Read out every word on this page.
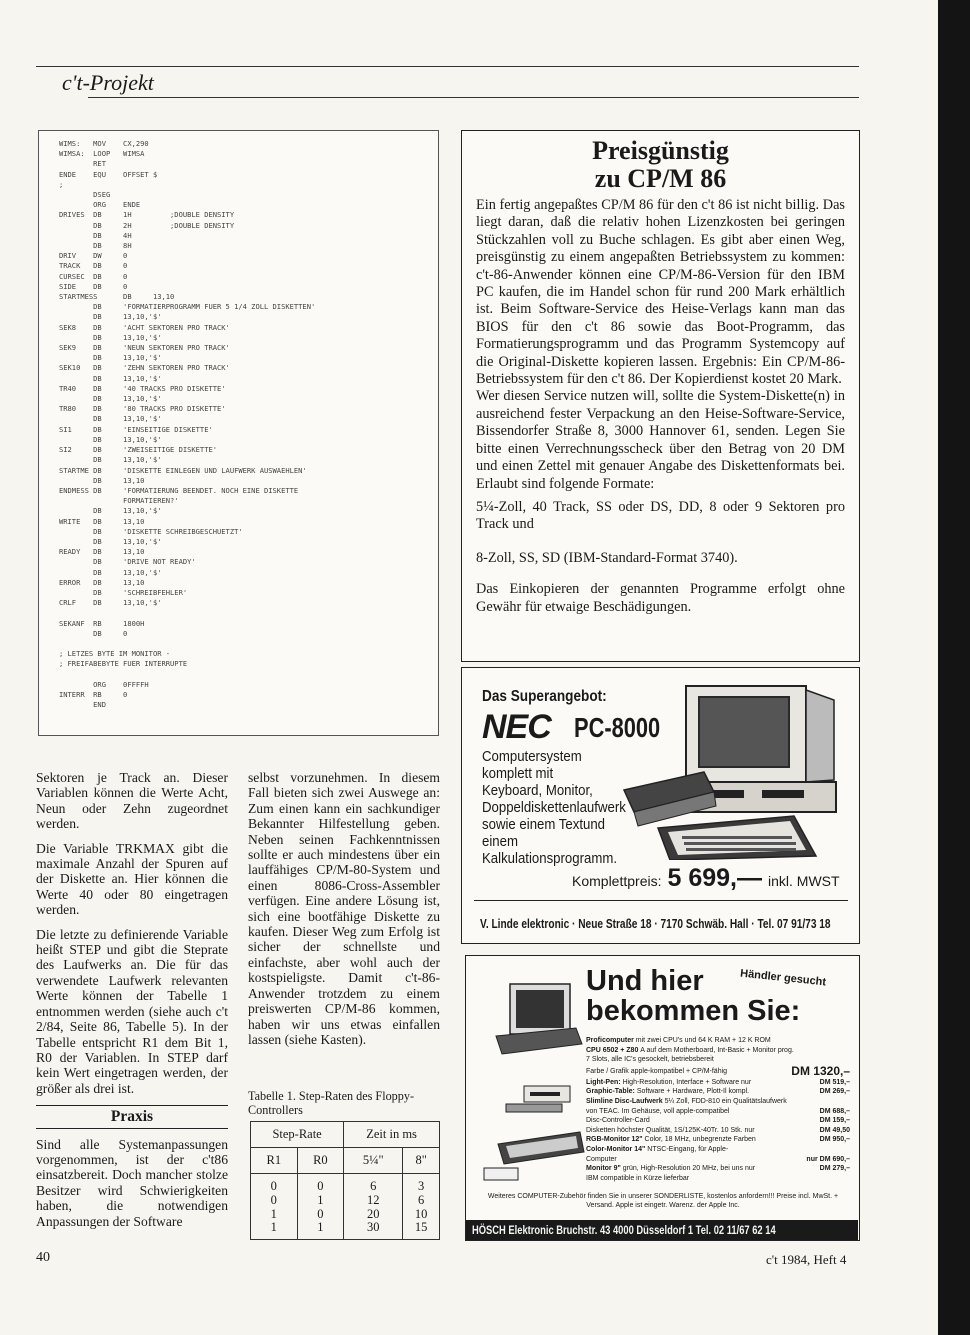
c't-Projekt
WIMS:   MOV    CX,290
WIMSA:  LOOP   WIMSA
RET
ENDE    EQU    OFFSET $
;
DSEG
ORG    ENDE
DRIVES  DB     1H         ;DOUBLE DENSITY
DB     2H         ;DOUBLE DENSITY
DB     4H
DB     8H
DRIV    DW     0
TRACK   DB     0
CURSEC  DB     0
SIDE    DB     0
STARTMESS      DB     13,10
DB     'FORMATIERPROGRAMM FUER 5 1/4 ZOLL DISKETTEN'
DB     13,10,'$'
SEK8    DB     'ACHT SEKTOREN PRO TRACK'
DB     13,10,'$'
SEK9    DB     'NEUN SEKTOREN PRO TRACK'
DB     13,10,'$'
SEK10   DB     'ZEHN SEKTOREN PRO TRACK'
DB     13,10,'$'
TR40    DB     '40 TRACKS PRO DISKETTE'
DB     13,10,'$'
TR80    DB     '80 TRACKS PRO DISKETTE'
DB     13,10,'$'
SI1     DB     'EINSEITIGE DISKETTE'
DB     13,10,'$'
SI2     DB     'ZWEISEITIGE DISKETTE'
DB     13,10,'$'
STARTME DB     'DISKETTE EINLEGEN UND LAUFWERK AUSWAEHLEN'
DB     13,10
ENDMESS DB     'FORMATIERUNG BEENDET. NOCH EINE DISKETTE
FORMATIEREN?'
DB     13,10,'$'
WRITE   DB     13,10
DB     'DISKETTE SCHREIBGESCHUETZT'
DB     13,10,'$'
READY   DB     13,10
DB     'DRIVE NOT READY'
DB     13,10,'$'
ERROR   DB     13,10
DB     'SCHREIBFEHLER'
CRLF    DB     13,10,'$'

SEKANF  RB     1800H
DB     0

; LETZES BYTE IM MONITOR -
; FREIFABEBYTE FUER INTERRUPTE

ORG    0FFFFH
INTERR  RB     0
END
Preisgünstig
zu CP/M 86

Ein fertig angepaßtes CP/M 86 für den c't 86 ist nicht billig. Das liegt daran, daß die relativ hohen Lizenzkosten bei geringen Stückzahlen voll zu Buche schlagen. Es gibt aber einen Weg, preisgünstig zu einem angepaßten Betriebssystem zu kommen: c't-86-Anwender können eine CP/M-86-Version für den IBM PC kaufen, die im Handel schon für rund 200 Mark erhältlich ist. Beim Software-Service des Heise-Verlags kann man das BIOS für den c't 86 sowie das Boot-Programm, das Formatierungsprogramm und das Programm Systemcopy auf die Original-Diskette kopieren lassen. Ergebnis: Ein CP/M-86-Betriebssystem für den c't 86. Der Kopierdienst kostet 20 Mark.

Wer diesen Service nutzen will, sollte die System-Diskette(n) in ausreichend fester Verpackung an den Heise-Software-Service, Bissendorfer Straße 8, 3000 Hannover 61, senden. Legen Sie bitte einen Verrechnungsscheck über den Betrag von 20 DM und einen Zettel mit genauer Angabe des Diskettenformats bei. Erlaubt sind folgende Formate:

5¼-Zoll, 40 Track, SS oder DS, DD, 8 oder 9 Sektoren pro Track und

8-Zoll, SS, SD (IBM-Standard-Format 3740).

Das Einkopieren der genannten Programme erfolgt ohne Gewähr für etwaige Beschädigungen.

Das Superangebot:
NEC PC-8000
Computersystem komplett mit Keyboard, Monitor, Doppeldiskettenlaufwerk sowie einem Textund einem Kalkulationsprogramm.
Komplettpreis: 5 699,— inkl. MWST
V. Linde elektronic · Neue Straße 18 · 7170 Schwäb. Hall · Tel. 07 91/73 18
Und hier
bekommen Sie:
Händler gesucht
Proficomputer mit zwei CPU's und 64 K RAM + 12 K ROM
CPU 6502 + Z80 A auf dem Motherboard, Int-Basic + Monitor prog.
7 Slots, alle IC's gesockelt, betriebsbereit
Farbe / Grafik apple-kompatibel + CP/M-fähig	DM 1320,–
Light-Pen: High-Resolution, Interface + Software nur	DM 519,–
Graphic-Table: Software + Hardware, Plott-Il kompl.	DM 269,–
Slimline Disc-Laufwerk 5¼ Zoll, FDD-810 ein Qualitätslaufwerk
von TEAC. Im Gehäuse, voll apple-compatibel	DM 688,–
Disc-Controller-Card	DM 159,–
Disketten höchster Qualität, 1S/125K-40Tr. 10 Stk. nur	DM 49,50
RGB-Monitor 12" Color, 18 MHz, unbegrenzte Farben	DM 950,–
Color-Monitor 14" NTSC-Eingang, für Apple-
Computer	nur DM 690,–
Monitor 9" grün, High-Resolution 20 MHz, bei uns nur	DM 279,–
IBM compatible in Kürze lieferbar
Weiteres COMPUTER-Zubehör finden Sie in unserer SONDERLISTE, kostenlos anfordern!!! Preise incl. MwSt. + Versand. Apple ist eingetr. Warenz. der Apple Inc.
HÖSCH Elektronic Bruchstr. 43 4000 Düsseldorf 1 Tel. 02 11/67 62 14

Sektoren je Track an. Dieser Variablen können die Werte Acht, Neun oder Zehn zugeordnet werden.

Die Variable TRKMAX gibt die maximale Anzahl der Spuren auf der Diskette an. Hier können die Werte 40 oder 80 eingetragen werden.

Die letzte zu definierende Variable heißt STEP und gibt die Steprate des Laufwerks an. Die für das verwendete Laufwerk relevanten Werte können der Tabelle 1 entnommen werden (siehe auch c't 2/84, Seite 86, Tabelle 5). In der Tabelle entspricht R1 dem Bit 1, R0 der Variablen. In STEP darf kein Wert eingetragen werden, der größer als drei ist.

Praxis

Sind alle Systemanpassungen vorgenommen, ist der c't86 einsatzbereit. Doch mancher stolze Besitzer wird Schwierigkeiten haben, die notwendigen Anpassungen der Software

selbst vorzunehmen. In diesem Fall bieten sich zwei Auswege an: Zum einen kann ein sachkundiger Bekannter Hilfestellung geben. Neben seinen Fachkenntnissen sollte er auch mindestens über ein lauffähiges CP/M-80-System und einen 8086-Cross-Assembler verfügen. Eine andere Lösung ist, sich eine bootfähige Diskette zu kaufen. Dieser Weg zum Erfolg ist sicher der schnellste und einfachste, aber wohl auch der kostspieligste. Damit c't-86-Anwender trotzdem zu einem preiswerten CP/M-86 kommen, haben wir uns etwas einfallen lassen (siehe Kasten).

Tabelle 1. Step-Raten des Floppy-Controllers
Step-Rate		Zeit in ms	
R1	R0	5¼"	8"
0	0	6	3
0	1	12	6
1	0	20	10
1	1	30	15
40	c't 1984, Heft 4
